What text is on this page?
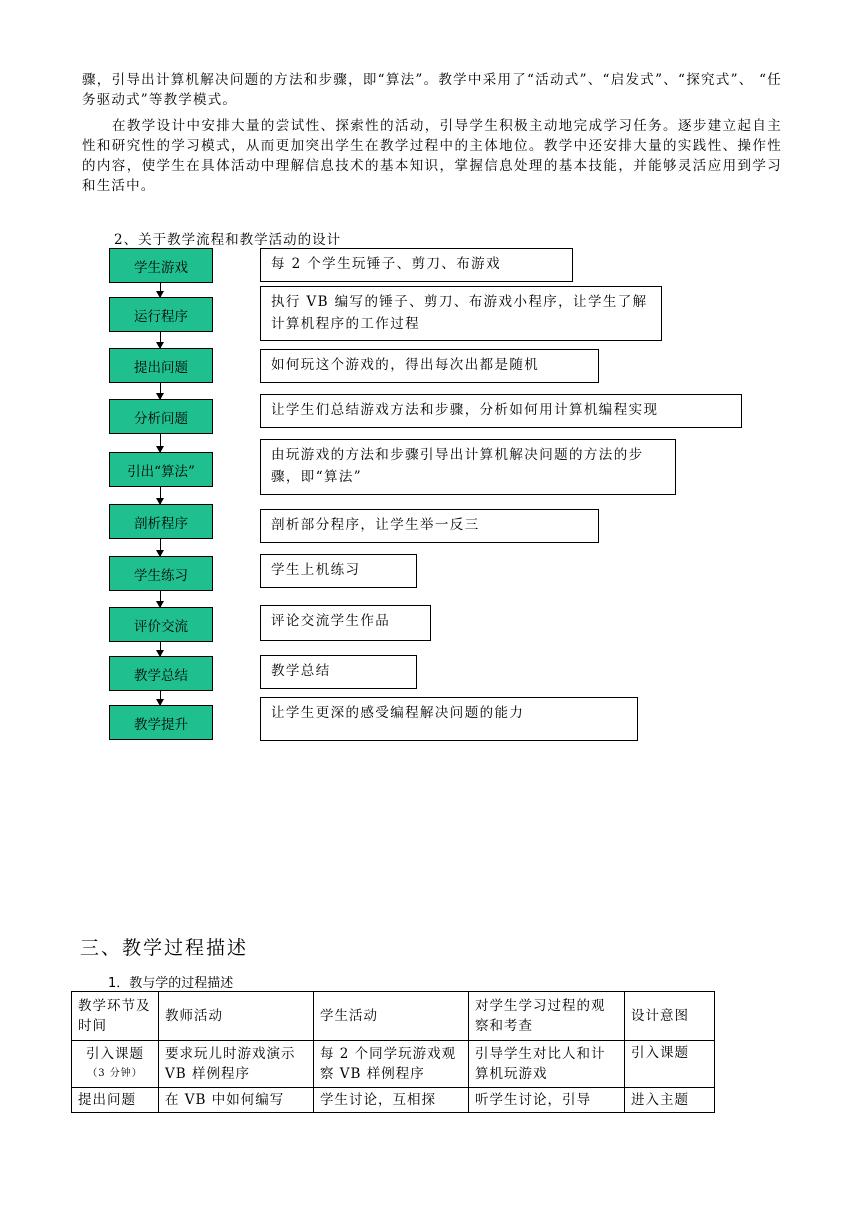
骤，引导出计算机解决问题的方法和步骤，即“算法”。教学中采用了“活动式”、“启发式”、“探究式”、 “任务驱动式”等教学模式。
在教学设计中安排大量的尝试性、探索性的活动，引导学生积极主动地完成学习任务。逐步建立起自主性和研究性的学习模式，从而更加突出学生在教学过程中的主体地位。教学中还安排大量的实践性、操作性的内容，使学生在具体活动中理解信息技术的基本知识，掌握信息处理的基本技能，并能够灵活应用到学习和生活中。
2、关于教学流程和教学活动的设计
学生游戏
运行程序
提出问题
分析问题
引出“算法”
剖析程序
学生练习
评价交流
教学总结
教学提升
每 2 个学生玩锤子、剪刀、布游戏
执行 VB 编写的锤子、剪刀、布游戏小程序，让学生了解计算机程序的工作过程
如何玩这个游戏的，得出每次出都是随机
让学生们总结游戏方法和步骤，分析如何用计算机编程实现
由玩游戏的方法和步骤引导出计算机解决问题的方法的步骤，即“算法”
剖析部分程序，让学生举一反三
学生上机练习
评论交流学生作品
教学总结
让学生更深的感受编程解决问题的能力
三、教学过程描述
1．教与学的过程描述
教学环节及时间	教师活动	学生活动	对学生学习过程的观察和考查	设计意图

引入课题
（3 分钟）	要求玩儿时游戏演示 VB 样例程序	每 2 个同学玩游戏观察 VB 样例程序	引导学生对比人和计算机玩游戏	引入课题
提出问题	在 VB 中如何编写	学生讨论，互相探	听学生讨论，引导	进入主题
